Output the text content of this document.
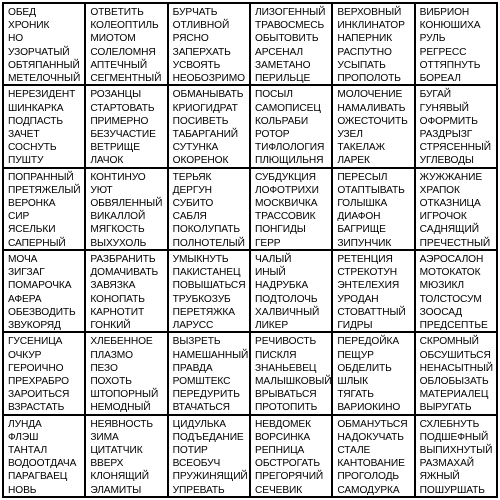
ОБЕД
ХРОНИК
НО
УЗОРЧАТЫЙ
ОБТЯПАННЫЙ
МЕТЕЛОЧНЫЙ
ОТВЕТИТЬ
КОЛЕОПТИЛЬ
МИОТОМ
СОЛЕЛОМНЯ
АПТЕЧНЫЙ
СЕГМЕНТНЫЙ
БУРЧАТЬ
ОТЛИВНОЙ
РЯСНО
ЗАПЕРХАТЬ
УСВОЯТЬ
НЕОБОЗРИМО
ЛИЗОГЕННЫЙ
ТРАВОСМЕСЬ
ОБЫТОВИТЬ
АРСЕНАЛ
ЗАМЕТАНО
ПЕРИЛЬЦЕ
ВЕРХОВНЫЙ
ИНКЛИНАТОР
НАПЕРНИК
РАСПУТНО
УСЫПАТЬ
ПРОПОЛОТЬ
ВИБРИОН
КОНЮШИХА
РУЛЬ
РЕГРЕСС
ОТТЯПНУТЬ
БОРЕАЛ
НЕРЕЗИДЕНТ
ШИНКАРКА
ПОДПАСТЬ
ЗАЧЕТ
СОСНУТЬ
ПУШТУ
РОЗАНЦЫ
СТАРТОВАТЬ
ПРИМЕРНО
БЕЗУЧАСТИЕ
ВЕТРИЩЕ
ЛАЧОК
ОБМАНЫВАТЬ
КРИОГИДРАТ
ПОСИВЕТЬ
ТАБАРГАНИЙ
СУТУНКА
ОКОРЕНОК
ПОСЫЛ
САМОПИСЕЦ
КОЛЬРАБИ
РОТОР
ТИФЛОЛОГИЯ
ПЛЮЩИЛЬНЯ
МОЛОЧЕНИЕ
НАМАЛИВАТЬ
ОЖЕСТОЧИТЬ
УЗЕЛ
ТАКЕЛАЖ
ЛАРЕК
БУГАЙ
ГУНЯВЫЙ
ОФОРМИТЬ
РАЗДРЫЗГ
СТРЯСЕННЫЙ
УГЛЕВОДЫ
ПОПРАННЫЙ
ПРЕТЯЖЕЛЫЙ
ВЕРОНКА
СИР
ЯСЕЛЬКИ
САПЕРНЫЙ
КОНТИНУО
УЮТ
ОБВЯЛЕННЫЙ
ВИКАЛЛОЙ
МЯГКОСТЬ
ВЫХУХОЛЬ
ТЕРЬЯК
ДЕРГУН
СУБИТО
САБЛЯ
ПОКОЛУПАТЬ
ПОЛНОТЕЛЫЙ
СУБДУКЦИЯ
ЛОФОТРИХИ
МОСКВИЧКА
ТРАССОВИК
ПОНГИДЫ
ГЕРР
ПЕРЕСЫЛ
ОТАПТЫВАТЬ
ГОЛЫШКА
ДИАФОН
БАГРИЩЕ
ЗИПУНЧИК
ЖУЖЖАНИЕ
ХРАПОК
ОТКАЗНИЦА
ИГРОЧОК
САДНЯЩИЙ
ПРЕЧЕСТНЫЙ
МОЧА
ЗИГЗАГ
ПОМАРОЧКА
АФЕРА
ОБЕЗВОДИТЬ
ЗВУКОРЯД
РАЗБРАНИТЬ
ДОМАЧИВАТЬ
ЗАВЯЗКА
КОНОПАТЬ
КАРНОТИТ
ГОНКИЙ
УМЫКНУТЬ
ПАКИСТАНЕЦ
ПОВЫШАТЬСЯ
ТРУБКОЗУБ
ПЕРЕТЯЖКА
ЛАРУСС
ЧАЛЫЙ
ИНЫЙ
НАДРУБКА
ПОДТОЛОЧЬ
ХАЛВИЧНЫЙ
ЛИКЕР
РЕТЕНЦИЯ
СТРЕКОТУН
ЭНТЕЛЕХИЯ
УРОДАН
СТОВАТТНЫЙ
ГИДРЫ
АЭРОСАЛОН
МОТОКАТОК
МЮЗИКЛ
ТОЛСТОСУМ
ЗООСАД
ПРЕДСЕПТЬЕ
ГУСЕНИЦА
ОЧКУР
ГЕРОИЧНО
ПРЕХРАБРО
ЗАРОИТЬСЯ
ВЗРАСТАТЬ
ХЛЕБЕННОЕ
ПЛАЗМО
ПЕЗО
ПОХОТЬ
ШТОПОРНЫЙ
НЕМОДНЫЙ
ВЫЗРЕТЬ
НАМЕШАННЫЙ
ПРАВДА
РОМШТЕКС
ПЕРЕДУРИТЬ
ВТАЧАТЬСЯ
РЕЧИВОСТЬ
ПИСКЛЯ
ЗНАНЬЕВЕЦ
МАЛЫШКОВЫЙ
ВРЫВАТЬСЯ
ПРОТОПИТЬ
ПЕРЕДОЙКА
ПЕЩУР
ОБДЕЛИТЬ
ШЛЫК
ТЯГАТЬ
ВАРИОКИНО
СКРОМНЫЙ
ОБСУШИТЬСЯ
НЕНАСЫТНЫЙ
ОБЛОБЫЗАТЬ
МАТЕРИАЛЕЦ
ВЫРУГАТЬ
ЛУНДА
ФЛЭШ
ТАНТАЛ
ВОДООТДАЧА
ПАРАГВАЕЦ
НОВЬ
НЕЯВНОСТЬ
ЗИМА
ЦИТАТЧИК
ВВЕРХ
КЛОНЯЩИЙ
ЭЛАМИТЫ
ЦИДУЛЬКА
ПОДЪЕДАНИЕ
ПОТИР
ВСЕОБУЧ
ПРУЖИНЯЩИЙ
УПРЕВАТЬ
НЕВДОМЕК
ВОРСИНКА
РЕПНИЦА
ОБСТРОГАТЬ
ПРЕГОРЯЧИЙ
СЕЧЕВИК
ОБМАНУТЬСЯ
НАДОКУЧАТЬ
СТАЛЕ
КАНТОВАНИЕ
ПРОГОЛОДЬ
САМОДУРКА
СХЛЕБНУТЬ
ПОДШЕФНЫЙ
ВЫПИХНУТЫЙ
РАЗМАХАЙ
ЯЖНЫЙ
ПОШУРШАТЬ
